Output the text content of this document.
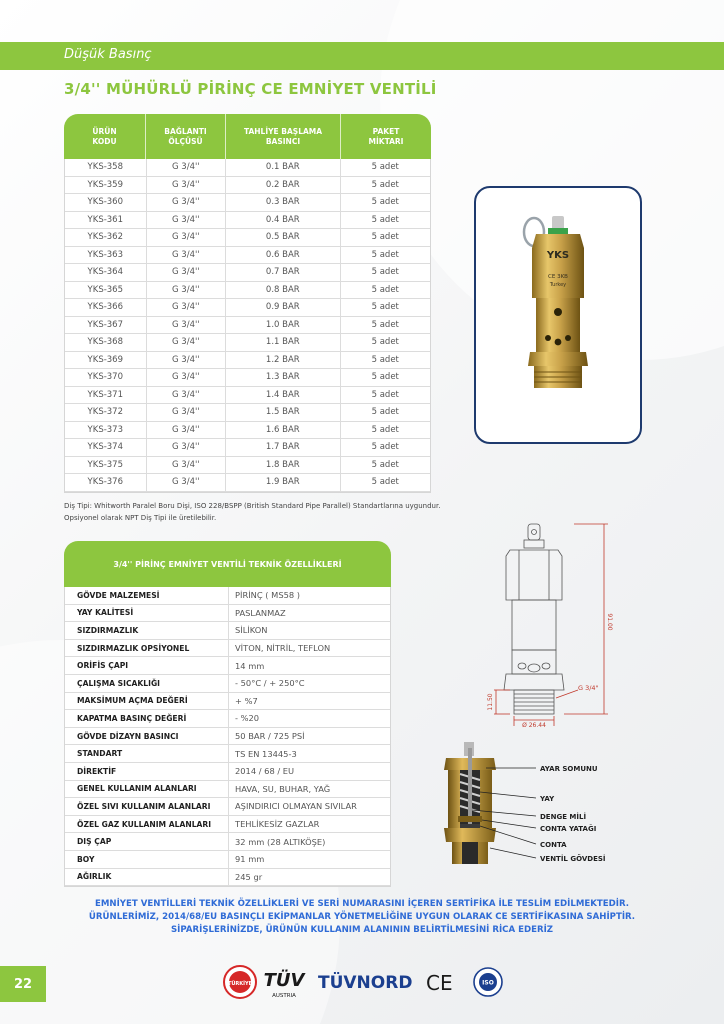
Düşük Basınç
3/4'' MÜHÜRLÜ PİRİNÇ CE EMNİYET VENTİLİ
ÜRÜN
KODU
BAĞLANTI
ÖLÇÜSÜ
TAHLİYE BAŞLAMA
BASINCI
PAKET
MİKTARI
YKS-358	G 3/4''	0.1 BAR	5 adet
YKS-359	G 3/4''	0.2 BAR	5 adet
YKS-360	G 3/4''	0.3 BAR	5 adet
YKS-361	G 3/4''	0.4 BAR	5 adet
YKS-362	G 3/4''	0.5 BAR	5 adet
YKS-363	G 3/4''	0.6 BAR	5 adet
YKS-364	G 3/4''	0.7 BAR	5 adet
YKS-365	G 3/4''	0.8 BAR	5 adet
YKS-366	G 3/4''	0.9 BAR	5 adet
YKS-367	G 3/4''	1.0 BAR	5 adet
YKS-368	G 3/4''	1.1 BAR	5 adet
YKS-369	G 3/4''	1.2 BAR	5 adet
YKS-370	G 3/4''	1.3 BAR	5 adet
YKS-371	G 3/4''	1.4 BAR	5 adet
YKS-372	G 3/4''	1.5 BAR	5 adet
YKS-373	G 3/4''	1.6 BAR	5 adet
YKS-374	G 3/4''	1.7 BAR	5 adet
YKS-375	G 3/4''	1.8 BAR	5 adet
YKS-376	G 3/4''	1.9 BAR	5 adet
Diş Tipi: Whitworth Paralel Boru Dişi, ISO 228/BSPP (British Standard Pipe Parallel) Standartlarına uygundur.
Opsiyonel olarak NPT Diş Tipi ile üretilebilir.
YKS
CE 3KB
Turkey
3/4'' PİRİNÇ EMNİYET VENTİLİ TEKNİK ÖZELLİKLERİ
GÖVDE MALZEMESİ	PİRİNÇ ( MS58 )
YAY KALİTESİ	PASLANMAZ
SIZDIRMAZLIK	SİLİKON
SIZDIRMAZLIK OPSİYONEL	VİTON, NİTRİL, TEFLON
ORİFİS ÇAPI	14 mm
ÇALIŞMA SICAKLIĞI	- 50°C / + 250°C
MAKSİMUM AÇMA DEĞERİ	+ %7
KAPATMA BASINÇ DEĞERİ	- %20
GÖVDE DİZAYN BASINCI	50 BAR / 725 PSİ
STANDART	TS EN 13445-3
DİREKTİF	2014 / 68 / EU
GENEL KULLANIM ALANLARI	HAVA, SU, BUHAR, YAĞ
ÖZEL SIVI KULLANIM ALANLARI	AŞINDIRICI OLMAYAN SIVILAR
ÖZEL GAZ KULLANIM ALANLARI	TEHLİKESİZ GAZLAR
DIŞ ÇAP	32 mm (28 ALTIKÖŞE)
BOY	91 mm
AĞIRLIK	245 gr
91.00
11.50
Ø 26.44
G 3/4"
AYAR SOMUNU
YAY
DENGE MİLİ
CONTA YATAĞI
CONTA
VENTİL GÖVDESİ
EMNİYET VENTİLLERİ TEKNİK ÖZELLİKLERİ VE SERİ NUMARASINI İÇEREN SERTİFİKA İLE TESLİM EDİLMEKTEDİR.
ÜRÜNLERİMİZ, 2014/68/EU BASINÇLI EKİPMANLAR YÖNETMELİĞİNE UYGUN OLARAK CE SERTİFİKASINA SAHİPTİR.
SİPARİŞLERİNİZDE, ÜRÜNÜN KULLANIM ALANININ BELİRTİLMESİNİ RİCA EDERİZ
22	TÜRKİYE TÜV
AUSTRIA
TÜVNORD CE	ISO
